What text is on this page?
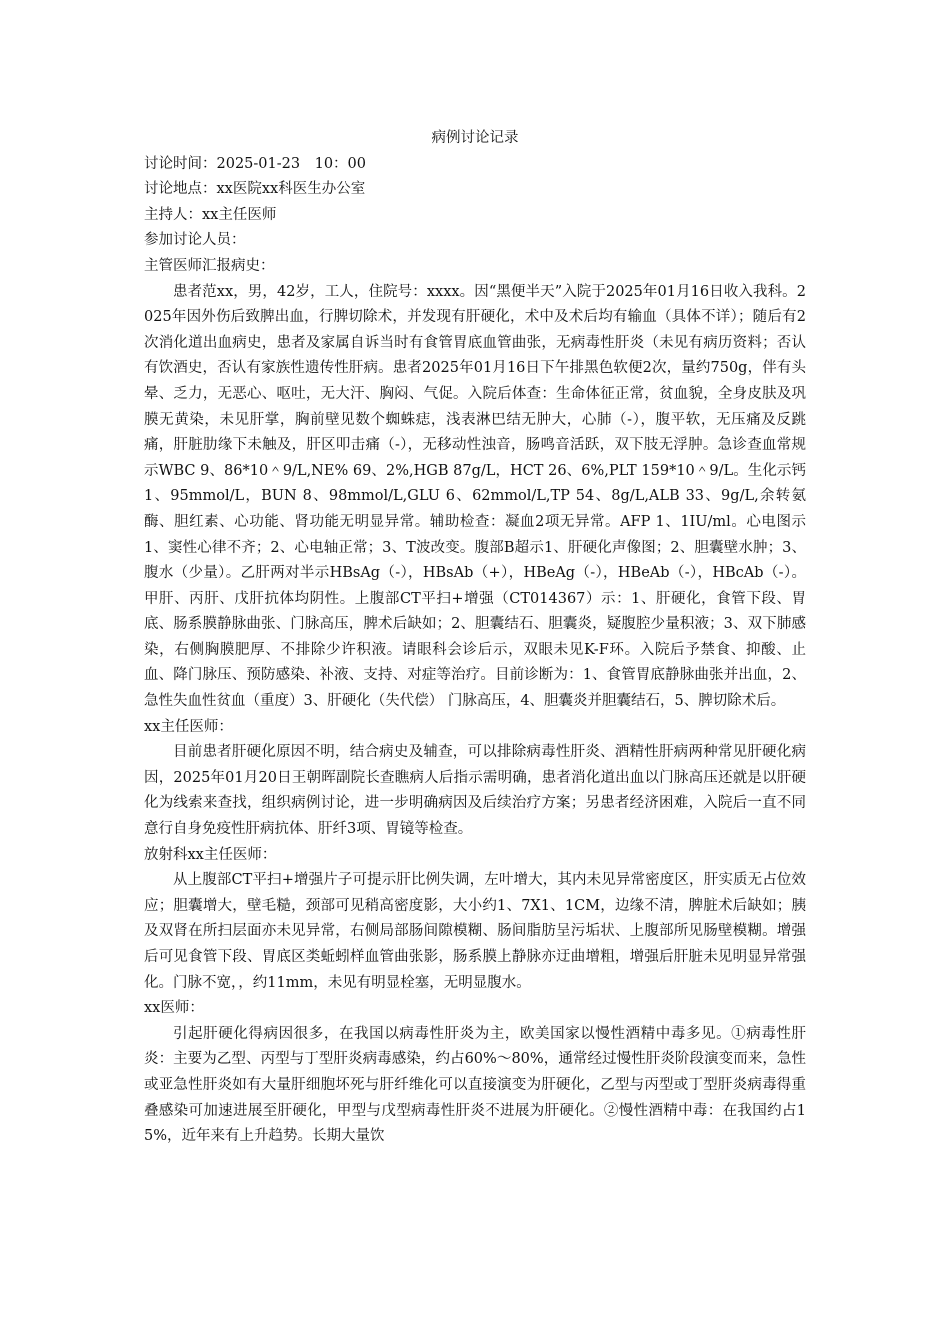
病例讨论记录

讨论时间：2025-01-23　10：00

讨论地点：xx医院xx科医生办公室

主持人：xx主任医师

参加讨论人员：

主管医师汇报病史：

患者范xx，男，42岁，工人，住院号：xxxx。因“黑便半天”入院于2025年01月16日收入我科。2025年因外伤后致脾出血，行脾切除术，并发现有肝硬化，术中及术后均有输血（具体不详）；随后有2次消化道出血病史，患者及家属自诉当时有食管胃底血管曲张，无病毒性肝炎（未见有病历资料；否认有饮酒史，否认有家族性遗传性肝病。患者2025年01月16日下午排黑色软便2次，量约750g，伴有头晕、乏力，无恶心、呕吐，无大汗、胸闷、气促。入院后体查：生命体征正常，贫血貌，全身皮肤及巩膜无黄染，未见肝掌，胸前壁见数个蜘蛛痣，浅表淋巴结无肿大，心肺（-），腹平软，无压痛及反跳痛，肝脏肋缘下未触及，肝区叩击痛（-），无移动性浊音，肠鸣音活跃，双下肢无浮肿。急诊查血常规示WBC 9、86*10＾9/L,NE% 69、2%,HGB 87g/L，HCT 26、6%,PLT 159*10＾9/L。生化示钙1、95mmol/L，BUN 8、98mmol/L,GLU 6、62mmol/L,TP 54、8g/L,ALB 33、9g/L,余转氨酶、胆红素、心功能、肾功能无明显异常。辅助检查：凝血2项无异常。AFP 1、1IU/ml。心电图示1、窦性心律不齐；2、心电轴正常；3、T波改变。腹部B超示1、肝硬化声像图；2、胆囊壁水肿；3、腹水（少量）。乙肝两对半示HBsAg（-），HBsAb（+），HBeAg（-），HBeAb（-），HBcAb（-）。甲肝、丙肝、戊肝抗体均阴性。上腹部CT平扫+增强（CT014367）示：1、肝硬化，食管下段、胃底、肠系膜静脉曲张、门脉高压，脾术后缺如；2、胆囊结石、胆囊炎，疑腹腔少量积液；3、双下肺感染，右侧胸膜肥厚、不排除少许积液。请眼科会诊后示，双眼未见K-F环。入院后予禁食、抑酸、止血、降门脉压、预防感染、补液、支持、对症等治疗。目前诊断为：1、食管胃底静脉曲张并出血，2、急性失血性贫血（重度）3、肝硬化（失代偿） 门脉高压，4、胆囊炎并胆囊结石，5、脾切除术后。

xx主任医师：

目前患者肝硬化原因不明，结合病史及辅查，可以排除病毒性肝炎、酒精性肝病两种常见肝硬化病因，2025年01月20日王朝晖副院长查瞧病人后指示需明确，患者消化道出血以门脉高压还就是以肝硬化为线索来查找，组织病例讨论，进一步明确病因及后续治疗方案；另患者经济困难，入院后一直不同意行自身免疫性肝病抗体、肝纤3项、胃镜等检查。

放射科xx主任医师：

从上腹部CT平扫+增强片子可提示肝比例失调，左叶增大，其内未见异常密度区，肝实质无占位效应；胆囊增大，壁毛糙，颈部可见稍高密度影，大小约1、7X1、1CM，边缘不清，脾脏术后缺如；胰及双肾在所扫层面亦未见异常，右侧局部肠间隙模糊、肠间脂肪呈污垢状、上腹部所见肠壁模糊。增强后可见食管下段、胃底区类蚯蚓样血管曲张影，肠系膜上静脉亦迂曲增粗，增强后肝脏未见明显异常强化。门脉不宽，，约11mm，未见有明显栓塞，无明显腹水。

xx医师：

引起肝硬化得病因很多，在我国以病毒性肝炎为主，欧美国家以慢性酒精中毒多见。①病毒性肝炎：主要为乙型、丙型与丁型肝炎病毒感染，约占60%～80%，通常经过慢性肝炎阶段演变而来，急性或亚急性肝炎如有大量肝细胞坏死与肝纤维化可以直接演变为肝硬化，乙型与丙型或丁型肝炎病毒得重叠感染可加速进展至肝硬化，甲型与戊型病毒性肝炎不进展为肝硬化。②慢性酒精中毒：在我国约占15%，近年来有上升趋势。长期大量饮
